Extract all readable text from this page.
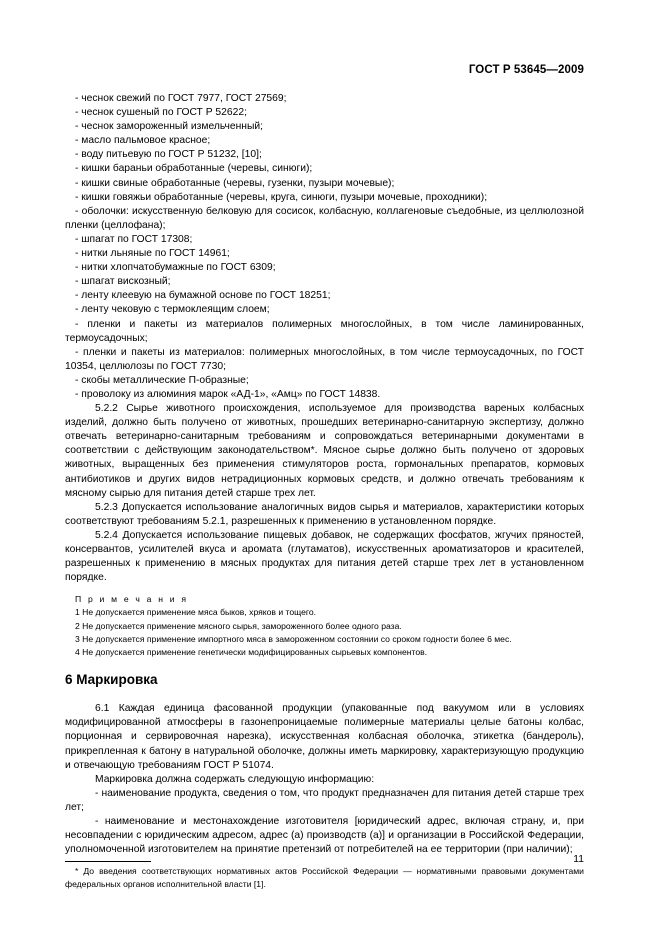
ГОСТ Р 53645—2009

- чеснок свежий по ГОСТ 7977, ГОСТ 27569;

- чеснок сушеный по ГОСТ Р 52622;

- чеснок замороженный измельченный;

- масло пальмовое красное;

- воду питьевую по ГОСТ Р 51232, [10];

- кишки бараньи обработанные (черевы, синюги);

- кишки свиные обработанные (черевы, гузенки, пузыри мочевые);

- кишки говяжьи обработанные (черевы, круга, синюги, пузыри мочевые, проходники);

- оболочки: искусственную белковую для сосисок, колбасную, коллагеновые съедобные, из целлюлозной пленки (целлофана);

- шпагат по ГОСТ 17308;

- нитки льняные по ГОСТ 14961;

- нитки хлопчатобумажные по ГОСТ 6309;

- шпагат вискозный;

- ленту клеевую на бумажной основе по ГОСТ 18251;

- ленту чековую с термоклеящим слоем;

- пленки и пакеты из материалов полимерных многослойных, в том числе ламинированных, термоусадочных;

- пленки и пакеты из материалов: полимерных многослойных, в том числе термоусадочных, по ГОСТ 10354, целлюлозы по ГОСТ 7730;

- скобы металлические П-образные;

- проволоку из алюминия марок «АД-1», «Амц» по ГОСТ 14838.

5.2.2 Сырье животного происхождения, используемое для производства вареных колбасных изделий, должно быть получено от животных, прошедших ветеринарно-санитарную экспертизу, должно отвечать ветеринарно-санитарным требованиям и сопровождаться ветеринарными документами в соответствии с действующим законодательством*. Мясное сырье должно быть получено от здоровых животных, выращенных без применения стимуляторов роста, гормональных препаратов, кормовых антибиотиков и других видов нетрадиционных кормовых средств, и должно отвечать требованиям к мясному сырью для питания детей старше трех лет.

5.2.3 Допускается использование аналогичных видов сырья и материалов, характеристики которых соответствуют требованиям 5.2.1, разрешенных к применению в установленном порядке.

5.2.4 Допускается использование пищевых добавок, не содержащих фосфатов, жгучих пряностей, консервантов, усилителей вкуса и аромата (глутаматов), искусственных ароматизаторов и красителей, разрешенных к применению в мясных продуктах для питания детей старше трех лет в установленном порядке.

П р и м е ч а н и я
1 Не допускается применение мяса быков, хряков и тощего.
2 Не допускается применение мясного сырья, замороженного более одного раза.
3 Не допускается применение импортного мяса в замороженном состоянии со сроком годности более 6 мес.
4 Не допускается применение генетически модифицированных сырьевых компонентов.
6 Маркировка

6.1 Каждая единица фасованной продукции (упакованные под вакуумом или в условиях модифицированной атмосферы в газонепроницаемые полимерные материалы целые батоны колбас, порционная и сервировочная нарезка), искусственная колбасная оболочка, этикетка (бандероль), прикрепленная к батону в натуральной оболочке, должны иметь маркировку, характеризующую продукцию и отвечающую требованиям ГОСТ Р 51074.

Маркировка должна содержать следующую информацию:

- наименование продукта, сведения о том, что продукт предназначен для питания детей старше трех лет;

- наименование и местонахождение изготовителя [юридический адрес, включая страну, и, при несовпадении с юридическим адресом, адрес (а) производств (а)] и организации в Российской Федерации, уполномоченной изготовителем на принятие претензий от потребителей на ее территории (при наличии);

* До введения соответствующих нормативных актов Российской Федерации — нормативными правовыми документами федеральных органов исполнительной власти [1].

11
